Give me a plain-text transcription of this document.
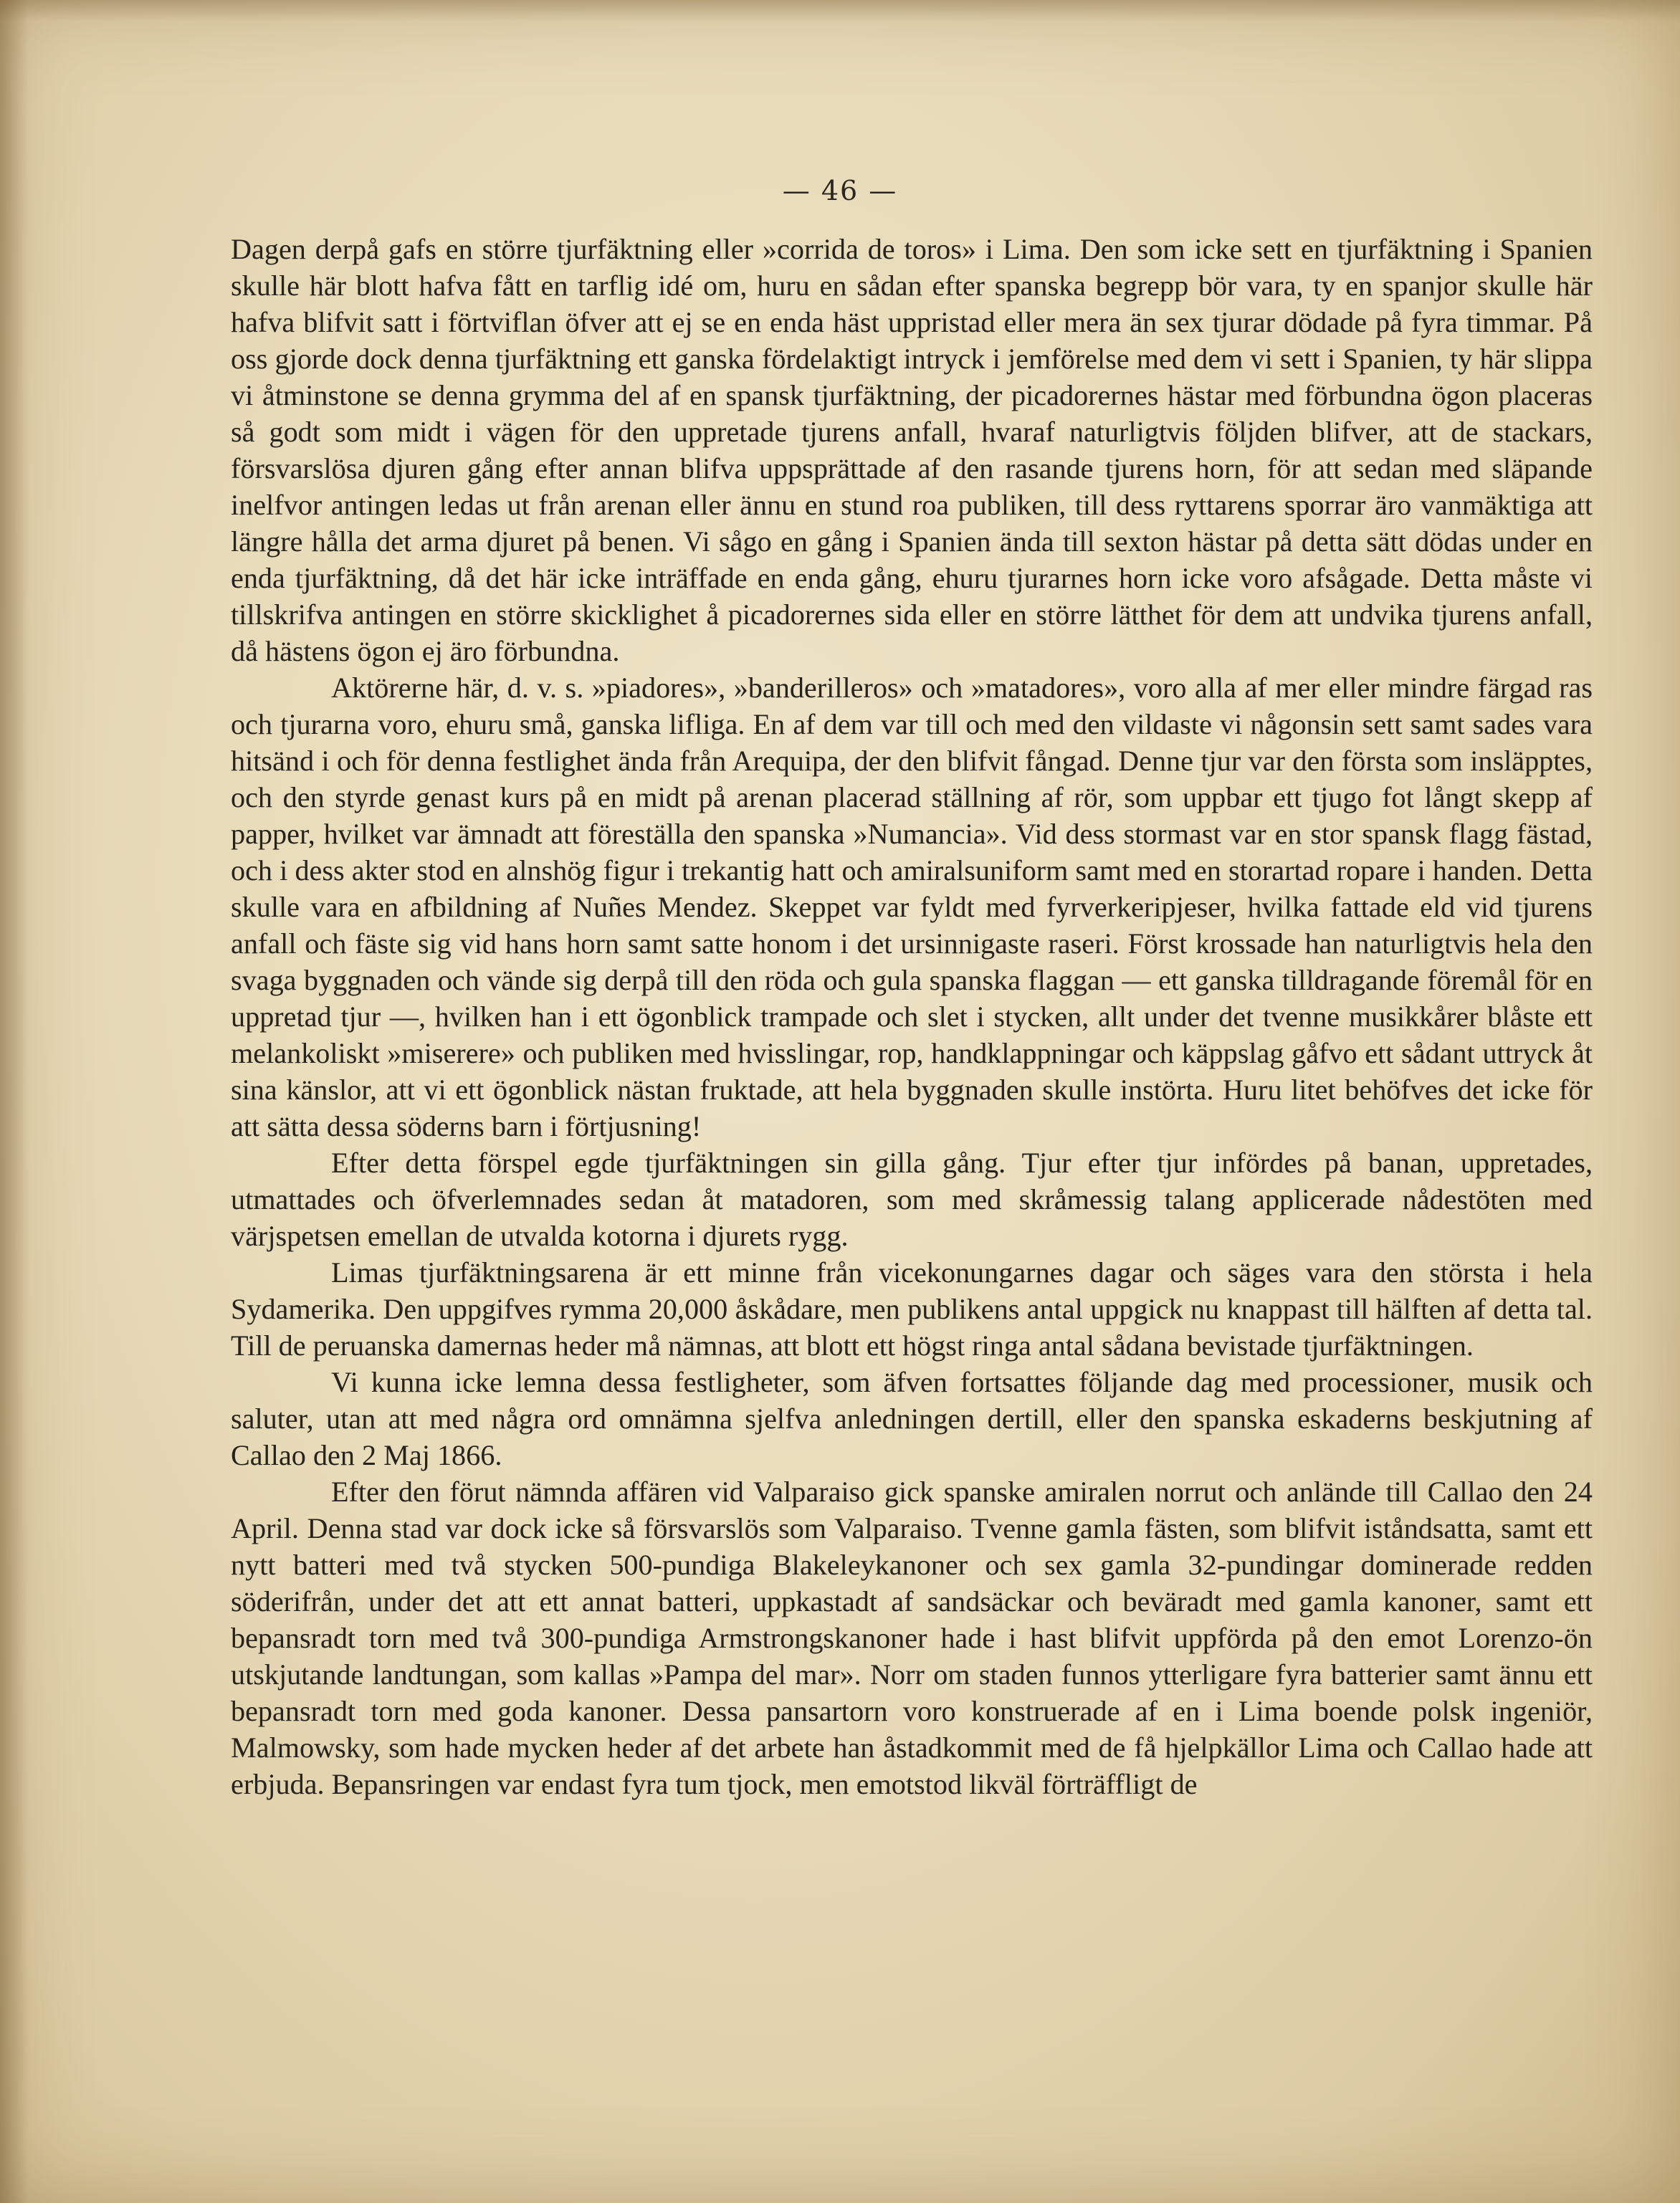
— 46 —

Dagen derpå gafs en större tjurfäktning eller »corrida de toros» i Lima. Den som icke sett en tjurfäktning i Spanien skulle här blott hafva fått en tarflig idé om, huru en sådan efter spanska begrepp bör vara, ty en spanjor skulle här hafva blifvit satt i förtviflan öfver att ej se en enda häst uppristad eller mera än sex tjurar dödade på fyra timmar. På oss gjorde dock denna tjurfäktning ett ganska fördelaktigt intryck i jemförelse med dem vi sett i Spanien, ty här slippa vi åtminstone se denna grymma del af en spansk tjurfäktning, der picadorernes hästar med förbundna ögon placeras så godt som midt i vägen för den uppretade tjurens anfall, hvaraf naturligtvis följden blifver, att de stackars, försvarslösa djuren gång efter annan blifva uppsprättade af den rasande tjurens horn, för att sedan med släpande inelfvor antingen ledas ut från arenan eller ännu en stund roa publiken, till dess ryttarens sporrar äro vanmäktiga att längre hålla det arma djuret på benen. Vi sågo en gång i Spanien ända till sexton hästar på detta sätt dödas under en enda tjurfäktning, då det här icke inträffade en enda gång, ehuru tjurarnes horn icke voro afsågade. Detta måste vi tillskrifva antingen en större skicklighet å picadorernes sida eller en större lätthet för dem att undvika tjurens anfall, då hästens ögon ej äro förbundna.

Aktörerne här, d. v. s. »piadores», »banderilleros» och »matadores», voro alla af mer eller mindre färgad ras och tjurarna voro, ehuru små, ganska lifliga. En af dem var till och med den vildaste vi någonsin sett samt sades vara hitsänd i och för denna festlighet ända från Arequipa, der den blifvit fångad. Denne tjur var den första som insläpptes, och den styrde genast kurs på en midt på arenan placerad ställning af rör, som uppbar ett tjugo fot långt skepp af papper, hvilket var ämnadt att föreställa den spanska »Numancia». Vid dess stormast var en stor spansk flagg fästad, och i dess akter stod en alnshög figur i trekantig hatt och amiralsuniform samt med en storartad ropare i handen. Detta skulle vara en afbildning af Nuñes Mendez. Skeppet var fyldt med fyrverkeripjeser, hvilka fattade eld vid tjurens anfall och fäste sig vid hans horn samt satte honom i det ursinnigaste raseri. Först krossade han naturligtvis hela den svaga byggnaden och vände sig derpå till den röda och gula spanska flaggan — ett ganska tilldragande föremål för en uppretad tjur —, hvilken han i ett ögonblick trampade och slet i stycken, allt under det tvenne musikkårer blåste ett melankoliskt »miserere» och publiken med hvisslingar, rop, handklappningar och käppslag gåfvo ett sådant uttryck åt sina känslor, att vi ett ögonblick nästan fruktade, att hela byggnaden skulle instörta. Huru litet behöfves det icke för att sätta dessa söderns barn i förtjusning!

Efter detta förspel egde tjurfäktningen sin gilla gång. Tjur efter tjur infördes på banan, uppretades, utmattades och öfverlemnades sedan åt matadoren, som med skråmessig talang applicerade nådestöten med värjspetsen emellan de utvalda kotorna i djurets rygg.

Limas tjurfäktningsarena är ett minne från vicekonungarnes dagar och säges vara den största i hela Sydamerika. Den uppgifves rymma 20,000 åskådare, men publikens antal uppgick nu knappast till hälften af detta tal. Till de peruanska damernas heder må nämnas, att blott ett högst ringa antal sådana bevistade tjurfäktningen.

Vi kunna icke lemna dessa festligheter, som äfven fortsattes följande dag med processioner, musik och saluter, utan att med några ord omnämna sjelfva anledningen dertill, eller den spanska eskaderns beskjutning af Callao den 2 Maj 1866.

Efter den förut nämnda affären vid Valparaiso gick spanske amiralen norrut och anlände till Callao den 24 April. Denna stad var dock icke så försvarslös som Valparaiso. Tvenne gamla fästen, som blifvit iståndsatta, samt ett nytt batteri med två stycken 500-pundiga Blakeleykanoner och sex gamla 32-pundingar dominerade redden söderifrån, under det att ett annat batteri, uppkastadt af sandsäckar och beväradt med gamla kanoner, samt ett bepansradt torn med två 300-pundiga Armstrongskanoner hade i hast blifvit uppförda på den emot Lorenzo-ön utskjutande landtungan, som kallas »Pampa del mar». Norr om staden funnos ytterligare fyra batterier samt ännu ett bepansradt torn med goda kanoner. Dessa pansartorn voro konstruerade af en i Lima boende polsk ingeniör, Malmowsky, som hade mycken heder af det arbete han åstadkommit med de få hjelpkällor Lima och Callao hade att erbjuda. Bepansringen var endast fyra tum tjock, men emotstod likväl förträffligt de
